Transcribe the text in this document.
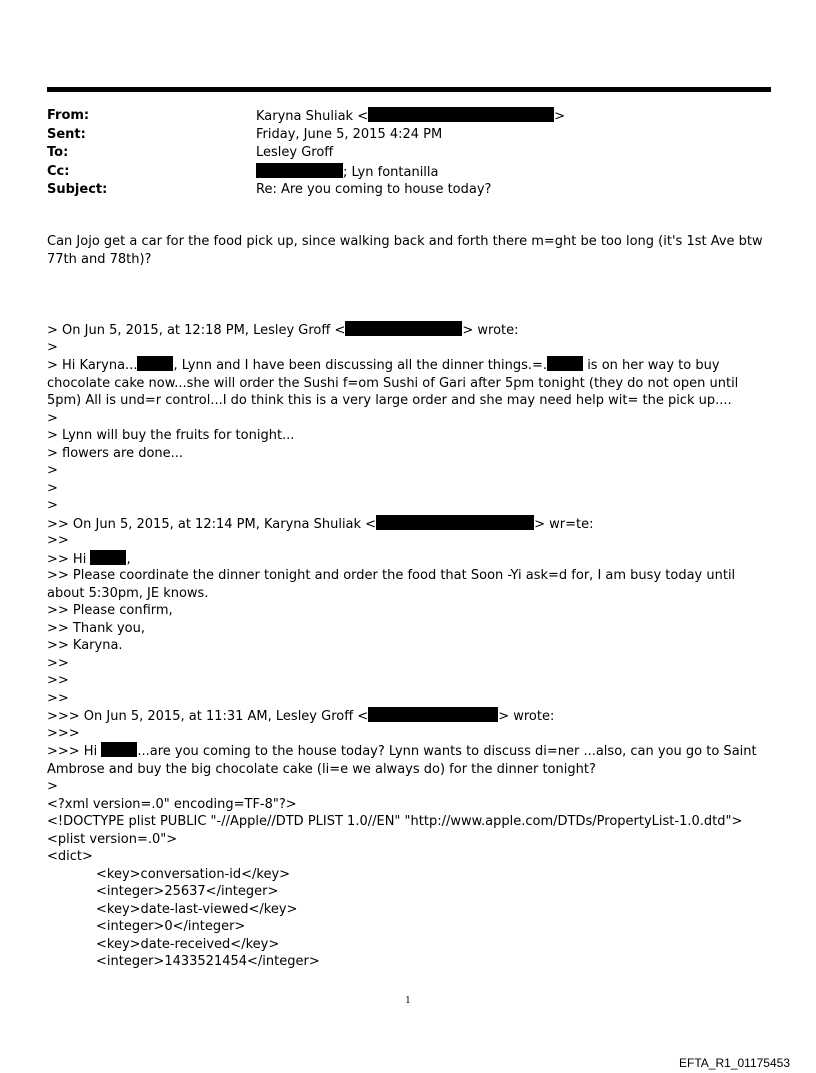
From:	Karyna Shuliak <	>
Sent:	Friday, June 5, 2015 4:24 PM
To:	Lesley Groff
Cc:	; Lyn fontanilla
Subject:	Re: Are you coming to house today?
Can Jojo get a car for the food pick up, since walking back and forth there m=ght be too long (it's 1st Ave btw 77th and 78th)?
> On Jun 5, 2015, at 12:18 PM, Lesley Groff <	> wrote:
>
> Hi Karyna...	, Lynn and I have been discussing all the dinner things.=.	is on her way to buy chocolate cake now...she will order the Sushi f=om Sushi of Gari after 5pm tonight (they do not open until 5pm) All is und=r control...I do think this is a very large order and she may need help wit= the pick up....
>
> Lynn will buy the fruits for tonight...
> flowers are done...
>
>
>
>> On Jun 5, 2015, at 12:14 PM, Karyna Shuliak <	> wr=te:
>>
>> Hi	,
>> Please coordinate the dinner tonight and order the food that Soon -Yi ask=d for, I am busy today until about 5:30pm, JE knows.
>> Please confirm,
>> Thank you,
>> Karyna.
>>
>>
>>
>>> On Jun 5, 2015, at 11:31 AM, Lesley Groff <	> wrote:
>>>
>>> Hi	...are you coming to the house today? Lynn wants to discuss di=ner ...also, can you go to Saint Ambrose and buy the big chocolate cake (li=e we always do) for the dinner tonight?
>
<?xml version=.0" encoding=TF-8"?>
<!DOCTYPE plist PUBLIC "-//Apple//DTD PLIST 1.0//EN" "http://www.apple.com/DTDs/PropertyList-1.0.dtd">
<plist version=.0">
<dict>
<key>conversation-id</key>
<integer>25637</integer>
<key>date-last-viewed</key>
<integer>0</integer>
<key>date-received</key>
<integer>1433521454</integer>
1
EFTA_R1_01175453
